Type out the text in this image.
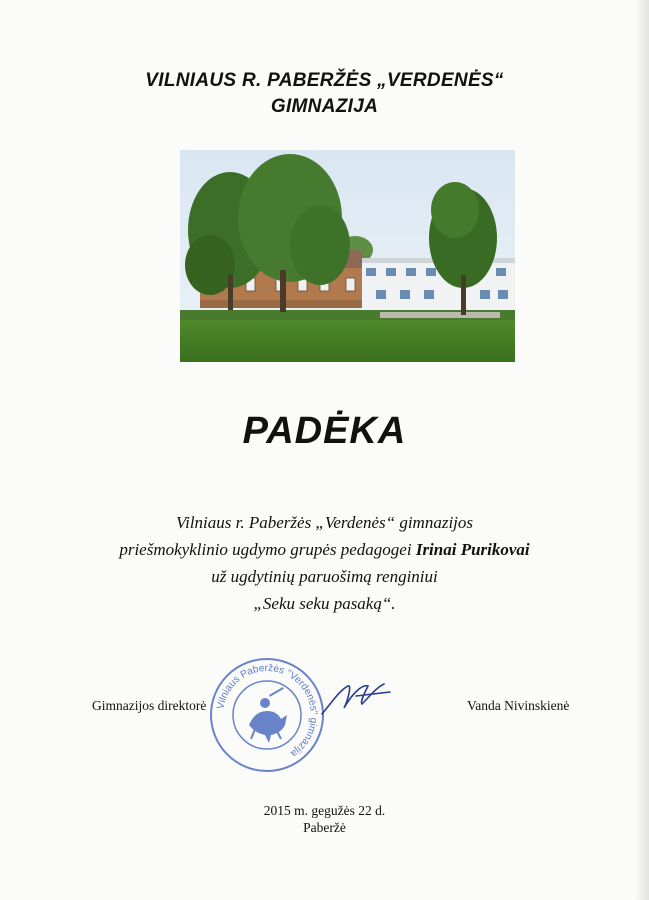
VILNIAUS R. PABERŽĖS „VERDENĖS“
GIMNAZIJA
PADĖKA
Vilniaus r. Paberžės „Verdenės“ gimnazijos
priešmokyklinio ugdymo grupės pedagogei Irinai Purikovai
už ugdytinių paruošimą renginiui
„Seku seku pasaką“.
Gimnazijos direktorė	Vanda Nivinskienė
Vilniaus Paberžės "Verdenės" gimnazija
2015 m. gegužės 22 d.
Paberžė
